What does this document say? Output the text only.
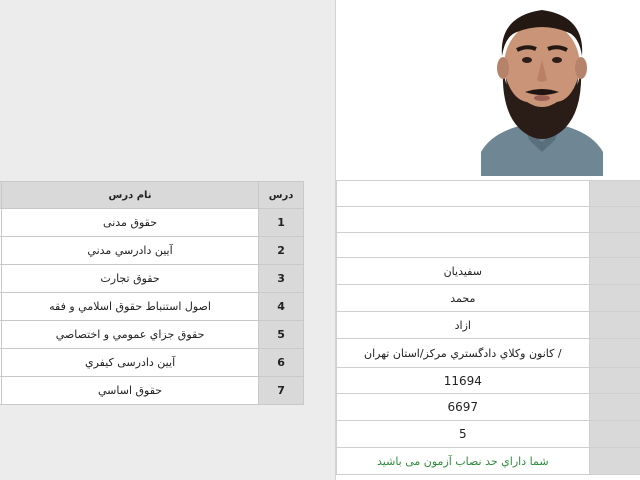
	نام درس	درس
	حقوق مدنی	1
	آيين دادرسي مدني	2
	حقوق تجارت	3
	اصول استنباط حقوق اسلامي و فقه	4
	حقوق جزاي عمومي و اختصاصي	5
	آيين دادرسی کيفري	6
	حقوق اساسي	7

سفيديان	
محمد	
ازاد	
/ کانون وکلاي دادگستري مرکز/استان تهران	
11694	
6697	
5	
شما داراي حد نصاب آزمون می باشيد	
